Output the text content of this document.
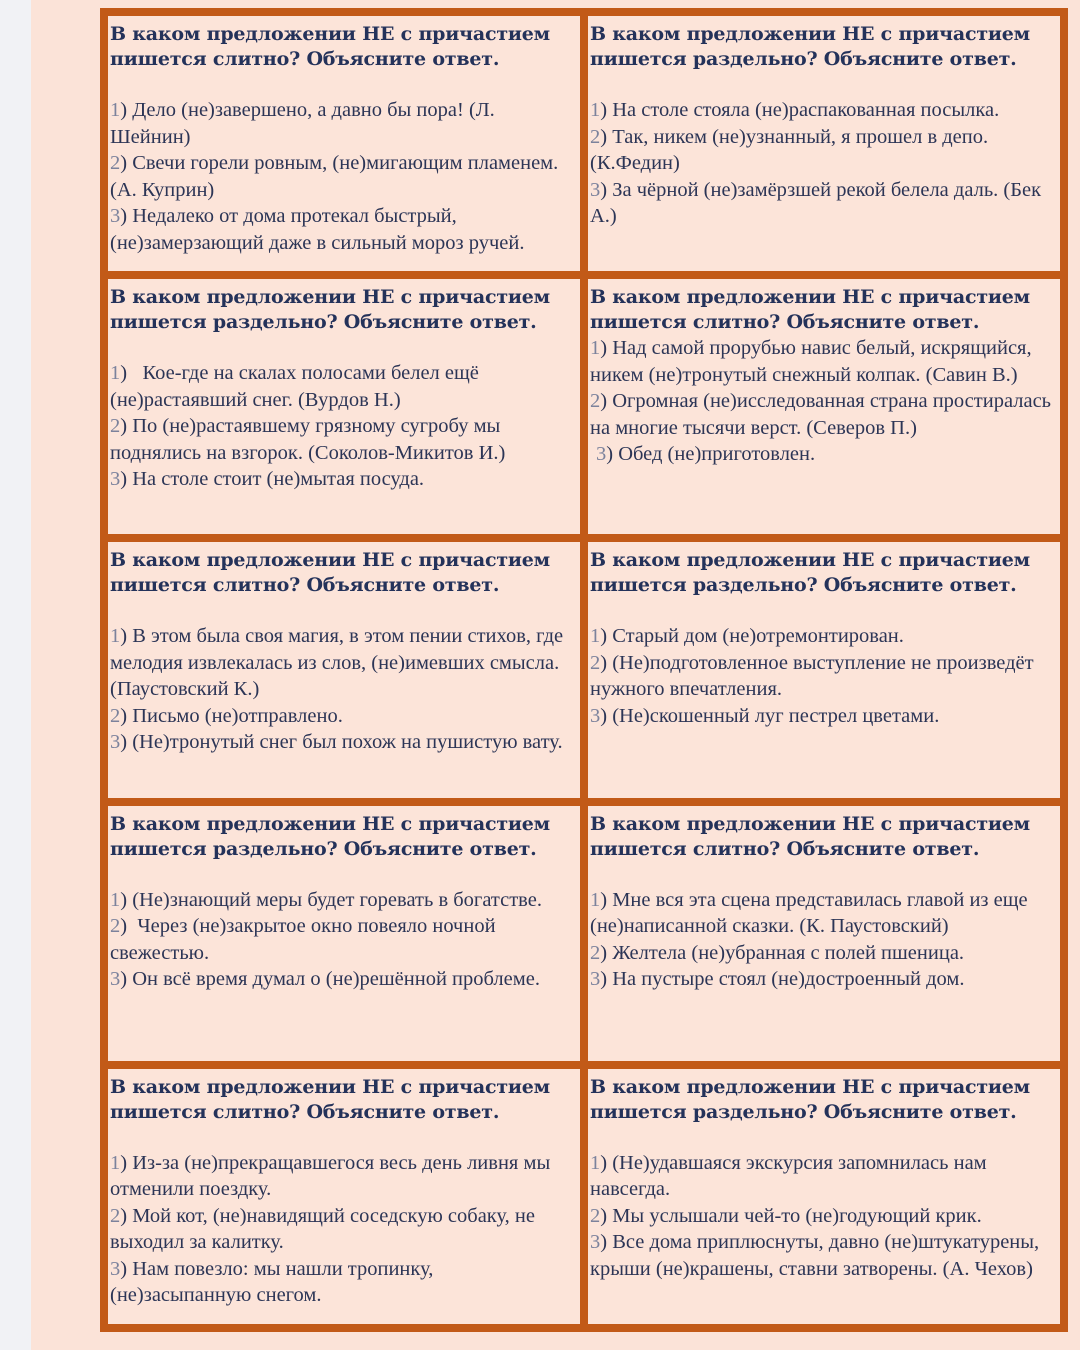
В каком предложении НЕ с причастием
пишется слитно? Объясните ответ.

1) Дело (не)завершено, а давно бы пора! (Л. Шейнин)
2) Свечи горели ровным, (не)мигающим пламенем. (А. Куприн)
3) Недалеко от дома протекал быстрый, (не)замерзающий даже в сильный мороз ручей.

В каком предложении НЕ с причастием
пишется раздельно? Объясните ответ.

1) На столе стояла (не)распакованная посылка.
2) Так, никем (не)узнанный, я прошел в депо. (К.Федин)
3) За чёрной (не)замёрзшей рекой белела даль. (Бек А.)

В каком предложении НЕ с причастием
пишется раздельно? Объясните ответ.

1)   Кое-где на скалах полосами белел ещё (не)растаявший снег. (Вурдов Н.)
2) По (не)растаявшему грязному сугробу мы поднялись на взгорок. (Соколов-Микитов И.)
3) На столе стоит (не)мытая посуда.

В каком предложении НЕ с причастием
пишется слитно? Объясните ответ.

1) Над самой прорубью навис белый, искрящийся, никем (не)тронутый снежный колпак. (Савин В.)
2) Огромная (не)исследованная страна простиралась на многие тысячи верст. (Северов П.)
3) Обед (не)приготовлен.

В каком предложении НЕ с причастием
пишется слитно? Объясните ответ.

1) В этом была своя магия, в этом пении стихов, где мелодия извлекалась из слов, (не)имевших смысла. (Паустовский К.)
2) Письмо (не)отправлено.
3) (Не)тронутый снег был похож на пушистую вату.

В каком предложении НЕ с причастием
пишется раздельно? Объясните ответ.

1) Старый дом (не)отремонтирован.
2) (Не)подготовленное выступление не произведёт нужного впечатления.
3) (Не)скошенный луг пестрел цветами.

В каком предложении НЕ с причастием
пишется раздельно? Объясните ответ.

1) (Не)знающий меры будет горевать в богатстве.
2)  Через (не)закрытое окно повеяло ночной свежестью.
3) Он всё время думал о (не)решённой проблеме.

В каком предложении НЕ с причастием
пишется слитно? Объясните ответ.

1) Мне вся эта сцена представилась главой из еще (не)написанной сказки. (К. Паустовский)
2) Желтела (не)убранная с полей пшеница.
3) На пустыре стоял (не)достроенный дом.

В каком предложении НЕ с причастием
пишется слитно? Объясните ответ.

1) Из-за (не)прекращавшегося весь день ливня мы отменили поездку.
2) Мой кот, (не)навидящий соседскую собаку, не выходил за калитку.
3) Нам повезло: мы нашли тропинку, (не)засыпанную снегом.

В каком предложении НЕ с причастием
пишется раздельно? Объясните ответ.

1) (Не)удавшаяся экскурсия запомнилась нам навсегда.
2) Мы услышали чей-то (не)годующий крик.
3) Все дома приплюснуты, давно (не)штукатурены, крыши (не)крашены, ставни затворены. (А. Чехов)
